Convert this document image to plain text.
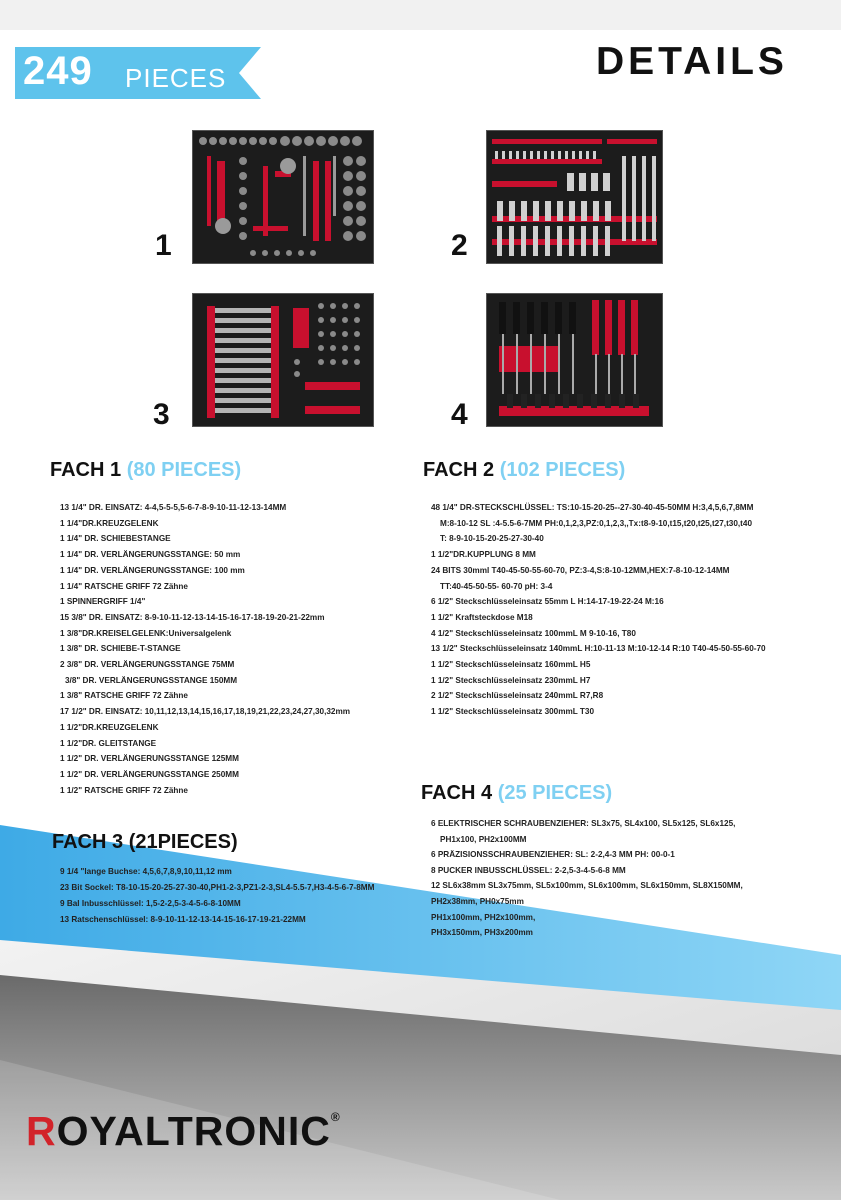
249 PIECES	DETAILS
1	2
3	4
FACH 1 (80 PIECES)
13 1/4" DR. EINSATZ: 4-4,5-5-5,5-6-7-8-9-10-11-12-13-14MM
1 1/4"DR.KREUZGELENK
1 1/4" DR. SCHIEBESTANGE
1 1/4" DR. VERLÄNGERUNGSSTANGE: 50 mm
1 1/4" DR. VERLÄNGERUNGSSTANGE: 100 mm
1 1/4" RATSCHE GRIFF 72 Zähne
1 SPINNERGRIFF 1/4"
15 3/8" DR. EINSATZ: 8-9-10-11-12-13-14-15-16-17-18-19-20-21-22mm
1 3/8"DR.KREISELGELENK:Universalgelenk
1 3/8" DR. SCHIEBE-T-STANGE
2 3/8" DR. VERLÄNGERUNGSSTANGE 75MM
3/8" DR. VERLÄNGERUNGSSTANGE 150MM
1 3/8" RATSCHE GRIFF 72 Zähne
17 1/2" DR. EINSATZ: 10,11,12,13,14,15,16,17,18,19,21,22,23,24,27,30,32mm
1 1/2"DR.KREUZGELENK
1 1/2"DR. GLEITSTANGE
1 1/2" DR. VERLÄNGERUNGSSTANGE 125MM
1 1/2" DR. VERLÄNGERUNGSSTANGE 250MM
1 1/2" RATSCHE GRIFF 72 Zähne
FACH 2 (102 PIECES)
48 1/4" DR-STECKSCHLÜSSEL: TS:10-15-20-25--27-30-40-45-50MM H:3,4,5,6,7,8MM
M:8-10-12 SL :4-5.5-6-7MM PH:0,1,2,3,PZ:0,1,2,3,,Tx:t8-9-10,t15,t20,t25,t27,t30,t40
T: 8-9-10-15-20-25-27-30-40
1 1/2"DR.KUPPLUNG 8 MM
24 BITS 30mml T40-45-50-55-60-70, PZ:3-4,S:8-10-12MM,HEX:7-8-10-12-14MM
TT:40-45-50-55- 60-70 pH: 3-4
6 1/2" Steckschlüsseleinsatz 55mm L H:14-17-19-22-24 M:16
1 1/2" Kraftsteckdose M18
4 1/2" Steckschlüsseleinsatz 100mmL M 9-10-16, T80
13 1/2" Steckschlüsseleinsatz 140mmL H:10-11-13 M:10-12-14 R:10 T40-45-50-55-60-70
1 1/2" Steckschlüsseleinsatz 160mmL H5
1 1/2" Steckschlüsseleinsatz 230mmL H7
2 1/2" Steckschlüsseleinsatz 240mmL R7,R8
1 1/2" Steckschlüsseleinsatz 300mmL T30
FACH 3 (21PIECES)
9 1/4 "lange Buchse: 4,5,6,7,8,9,10,11,12 mm
23 Bit Sockel: T8-10-15-20-25-27-30-40,PH1-2-3,PZ1-2-3,SL4-5.5-7,H3-4-5-6-7-8MM
9 Bal Inbusschlüssel: 1,5-2-2,5-3-4-5-6-8-10MM
13 Ratschenschlüssel: 8-9-10-11-12-13-14-15-16-17-19-21-22MM
FACH 4 (25 PIECES)
6 ELEKTRISCHER SCHRAUBENZIEHER: SL3x75, SL4x100, SL5x125, SL6x125,
PH1x100, PH2x100MM
6 PRÄZISIONSSCHRAUBENZIEHER: SL: 2-2,4-3 MM PH: 00-0-1
8 PUCKER INBUSSCHLÜSSEL: 2-2,5-3-4-5-6-8 MM
12 SL6x38mm SL3x75mm, SL5x100mm, SL6x100mm, SL6x150mm, SL8X150MM,
PH2x38mm, PH0x75mm
PH1x100mm, PH2x100mm,
PH3x150mm, PH3x200mm
ROYALTRONIC®
